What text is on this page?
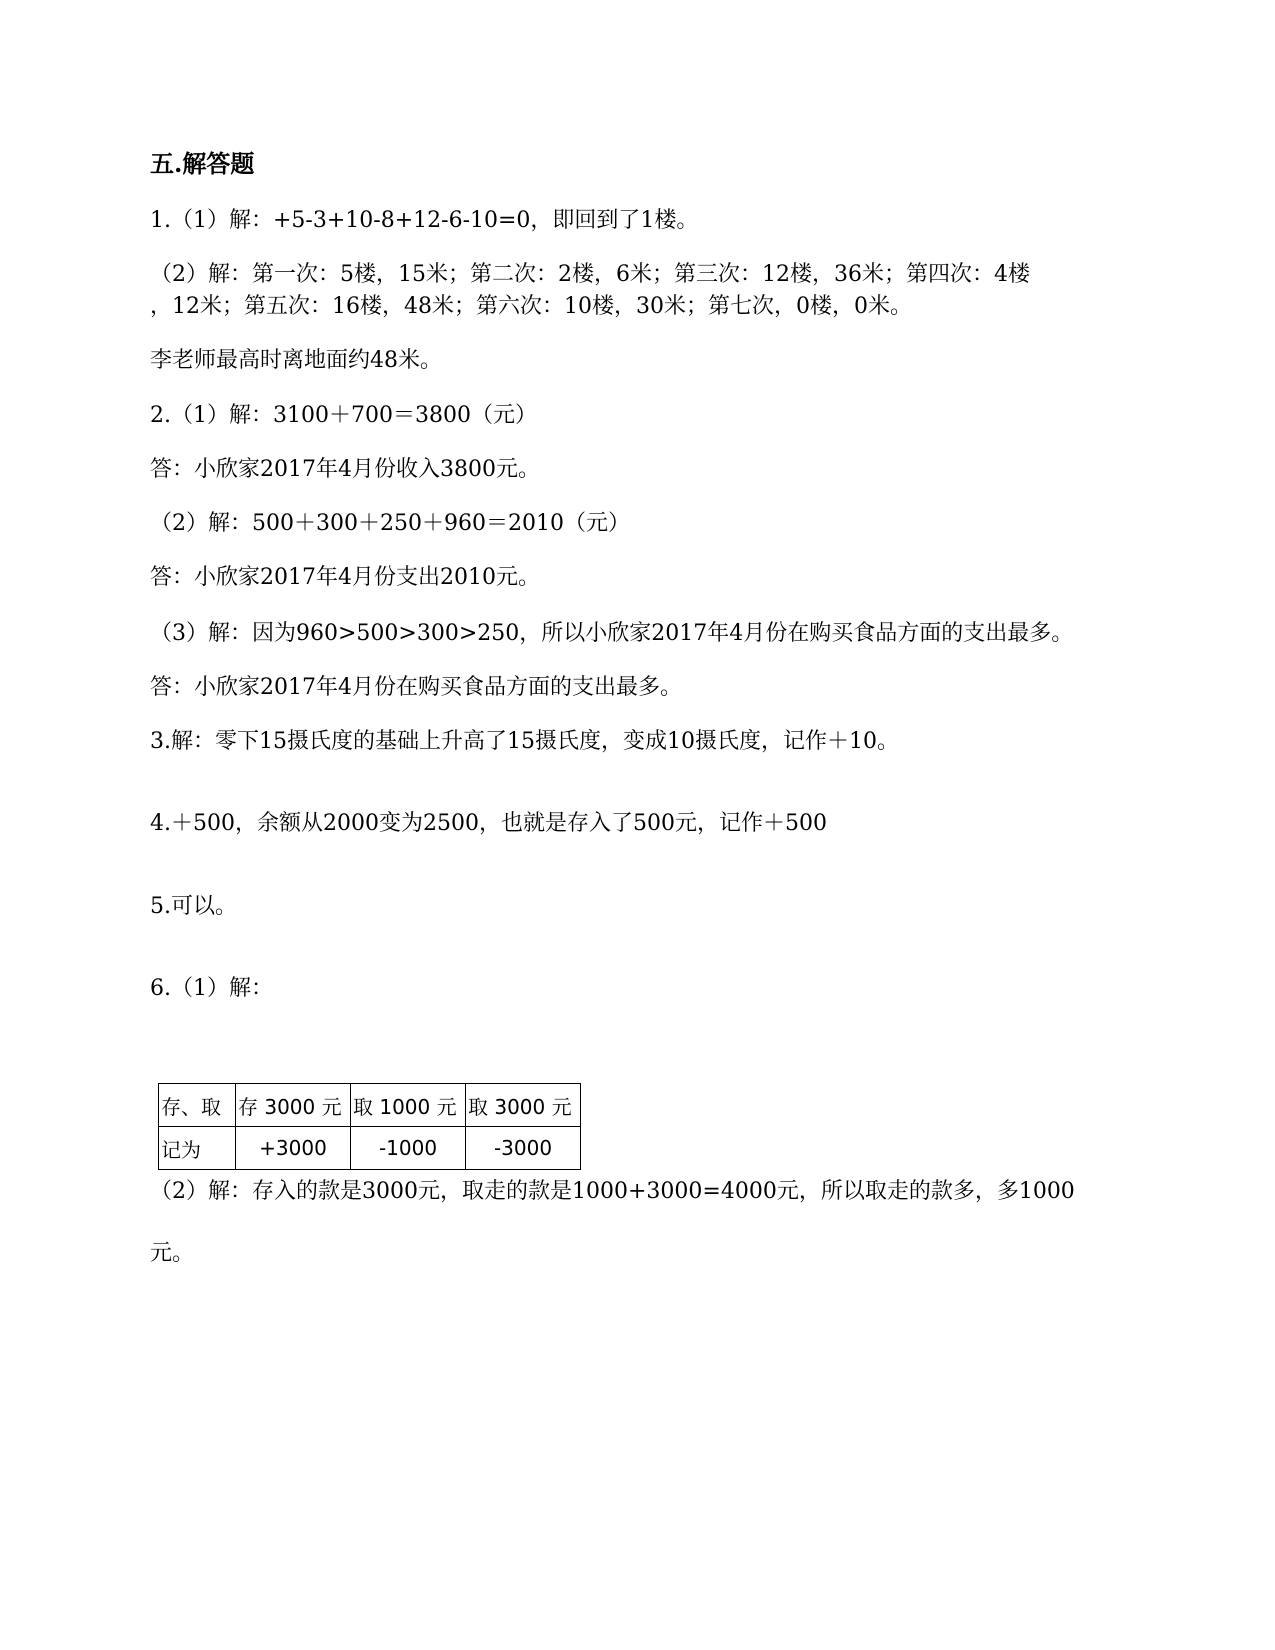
五.解答题
1.（1）解：+5-3+10-8+12-6-10=0，即回到了1楼。
（2）解：第一次：5楼，15米；第二次：2楼，6米；第三次：12楼，36米；第四次：4楼
，12米；第五次：16楼，48米；第六次：10楼，30米；第七次，0楼，0米。
李老师最高时离地面约48米。
2.（1）解：3100＋700＝3800（元）
答：小欣家2017年4月份收入3800元。
（2）解：500＋300＋250＋960＝2010（元）
答：小欣家2017年4月份支出2010元。
（3）解：因为960>500>300>250，所以小欣家2017年4月份在购买食品方面的支出最多。
答：小欣家2017年4月份在购买食品方面的支出最多。
3.解：零下15摄氏度的基础上升高了15摄氏度，变成10摄氏度，记作＋10。
4.＋500，余额从2000变为2500，也就是存入了500元，记作＋500
5.可以。
6.（1）解：
存、取	存 3000 元	取 1000 元	取 3000 元
记为	+3000	-1000	-3000
（2）解：存入的款是3000元，取走的款是1000+3000=4000元，所以取走的款多，多1000
元。
